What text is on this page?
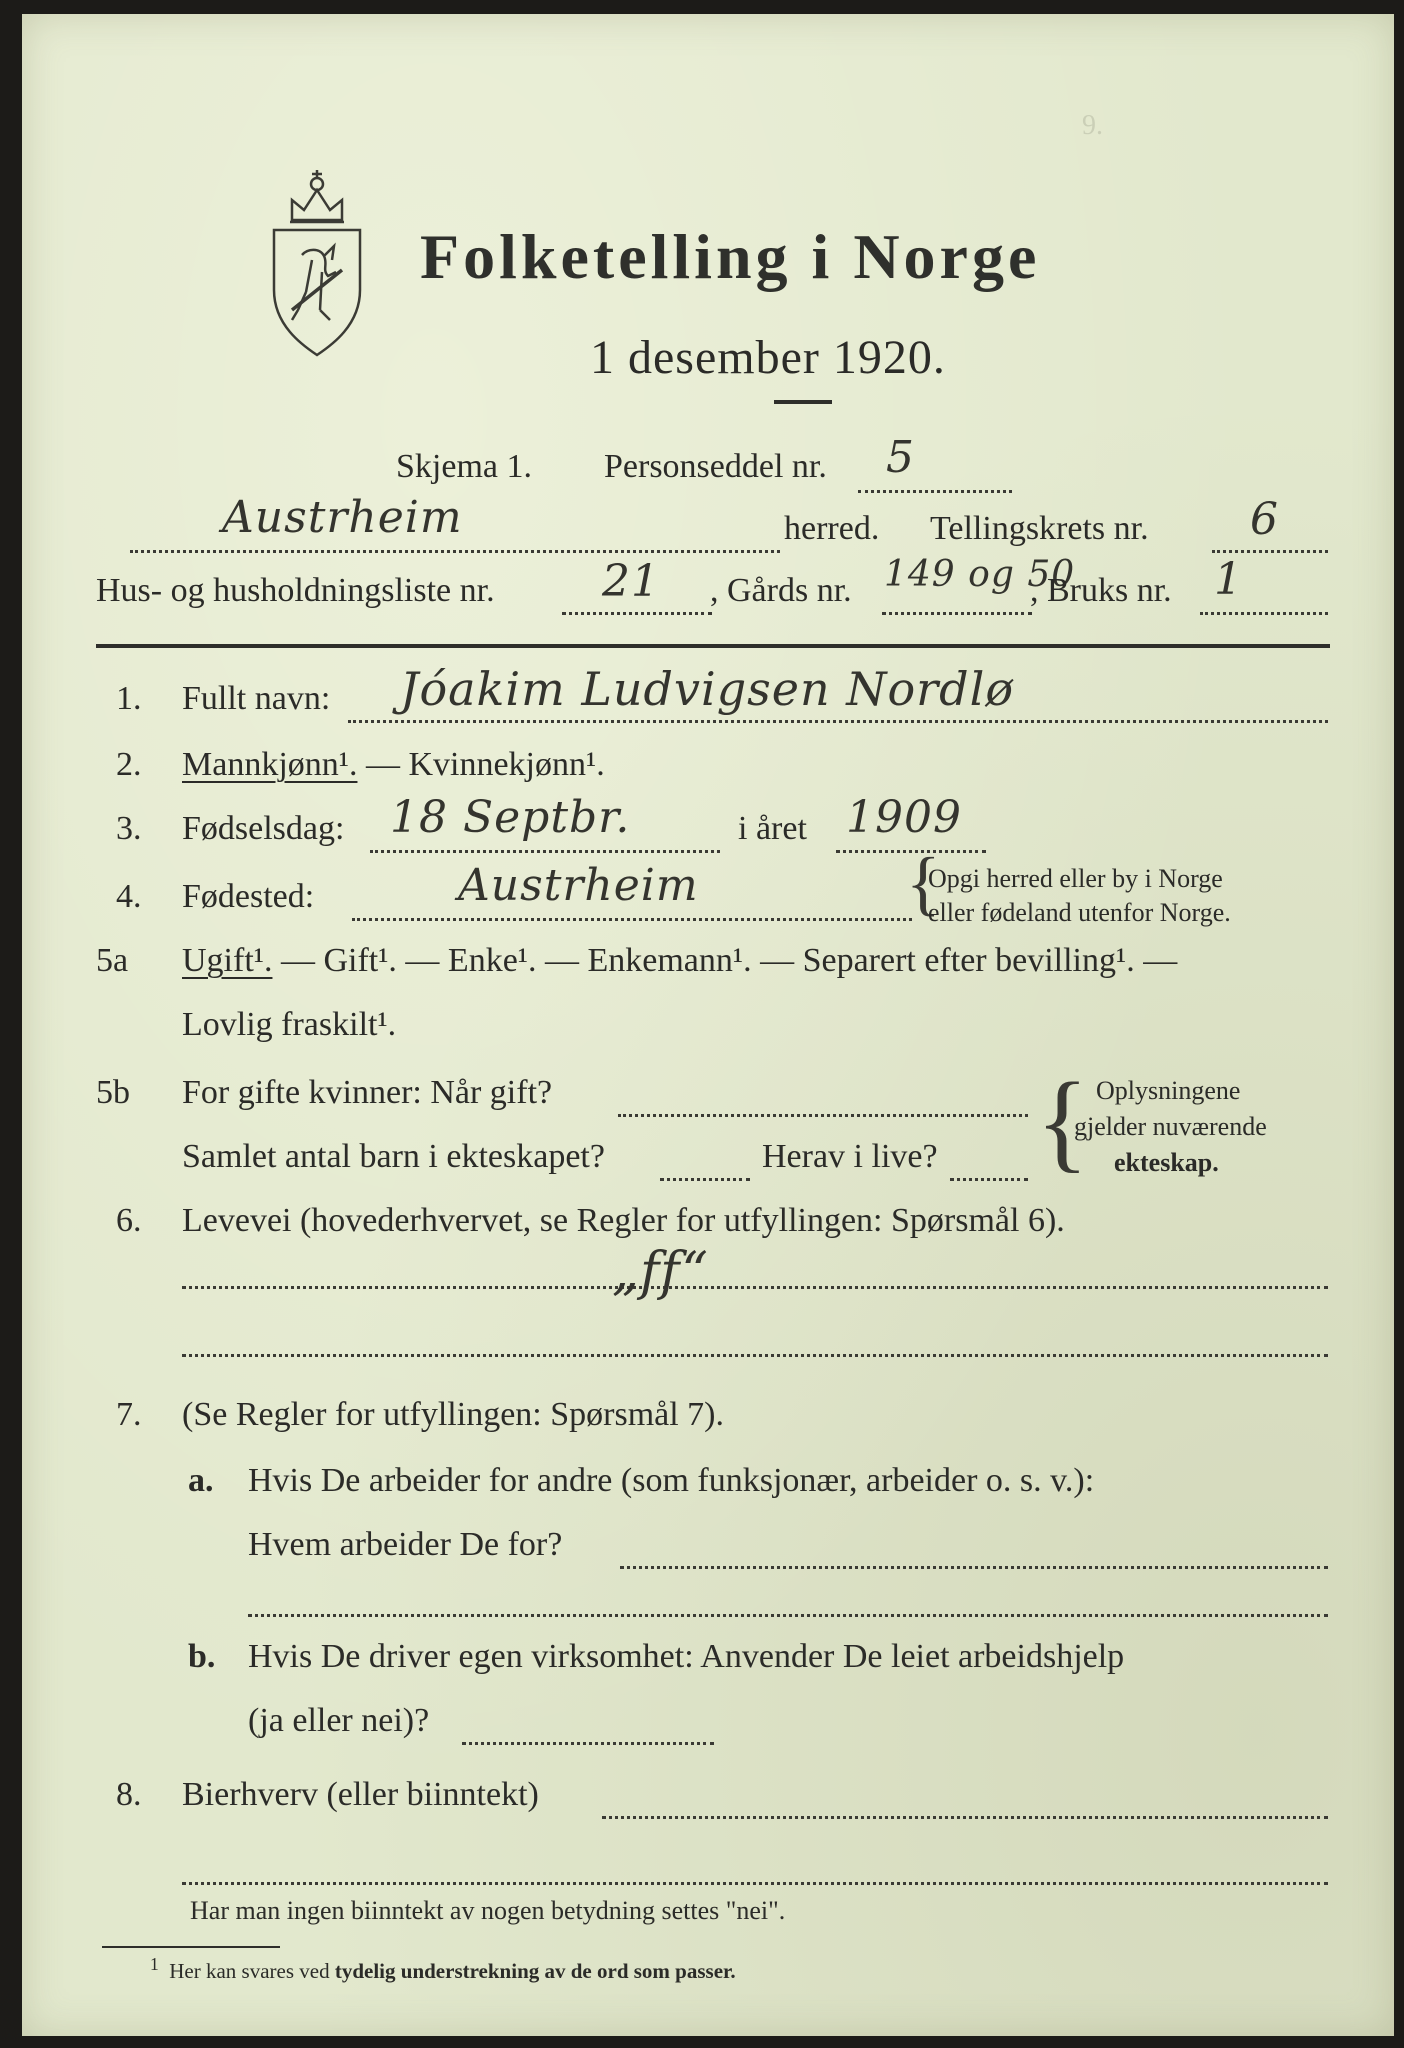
9.
Folketelling i Norge
1 desember 1920.
Skjema 1. Personseddel nr. 5
Austrheim	herred. Tellingskrets nr. 6
Hus- og husholdningsliste nr. 21 , Gårds nr. 149 og 50
, Bruks nr. 1
1. Fullt navn: Jóakim Ludvigsen Nordlø
2. Mannkjønn¹. — Kvinnekjønn¹.
3. Fødselsdag: 18 Septbr.	i året 1909
4. Fødested:	Austrheim	{
Opgi herred eller by i Norge
eller fødeland utenfor Norge.
5a Ugift¹. — Gift¹. — Enke¹. — Enkemann¹. — Separert efter bevilling¹. —
Lovlig fraskilt¹.
5b For gifte kvinner: Når gift?
Samlet antal barn i ekteskapet?	Herav i live? { Oplysningene
gjelder nuværende
ekteskap.
6. Levevei (hovederhvervet, se Regler for utfyllingen: Spørsmål 6).
„ff“
7. (Se Regler for utfyllingen: Spørsmål 7).
a. Hvis De arbeider for andre (som funksjonær, arbeider o. s. v.):
Hvem arbeider De for?
b. Hvis De driver egen virksomhet: Anvender De leiet arbeidshjelp
(ja eller nei)?
8. Bierhverv (eller biinntekt)
Har man ingen biinntekt av nogen betydning settes "nei".
$^1$ Her kan svares ved tydelig understrekning av de ord som passer.
